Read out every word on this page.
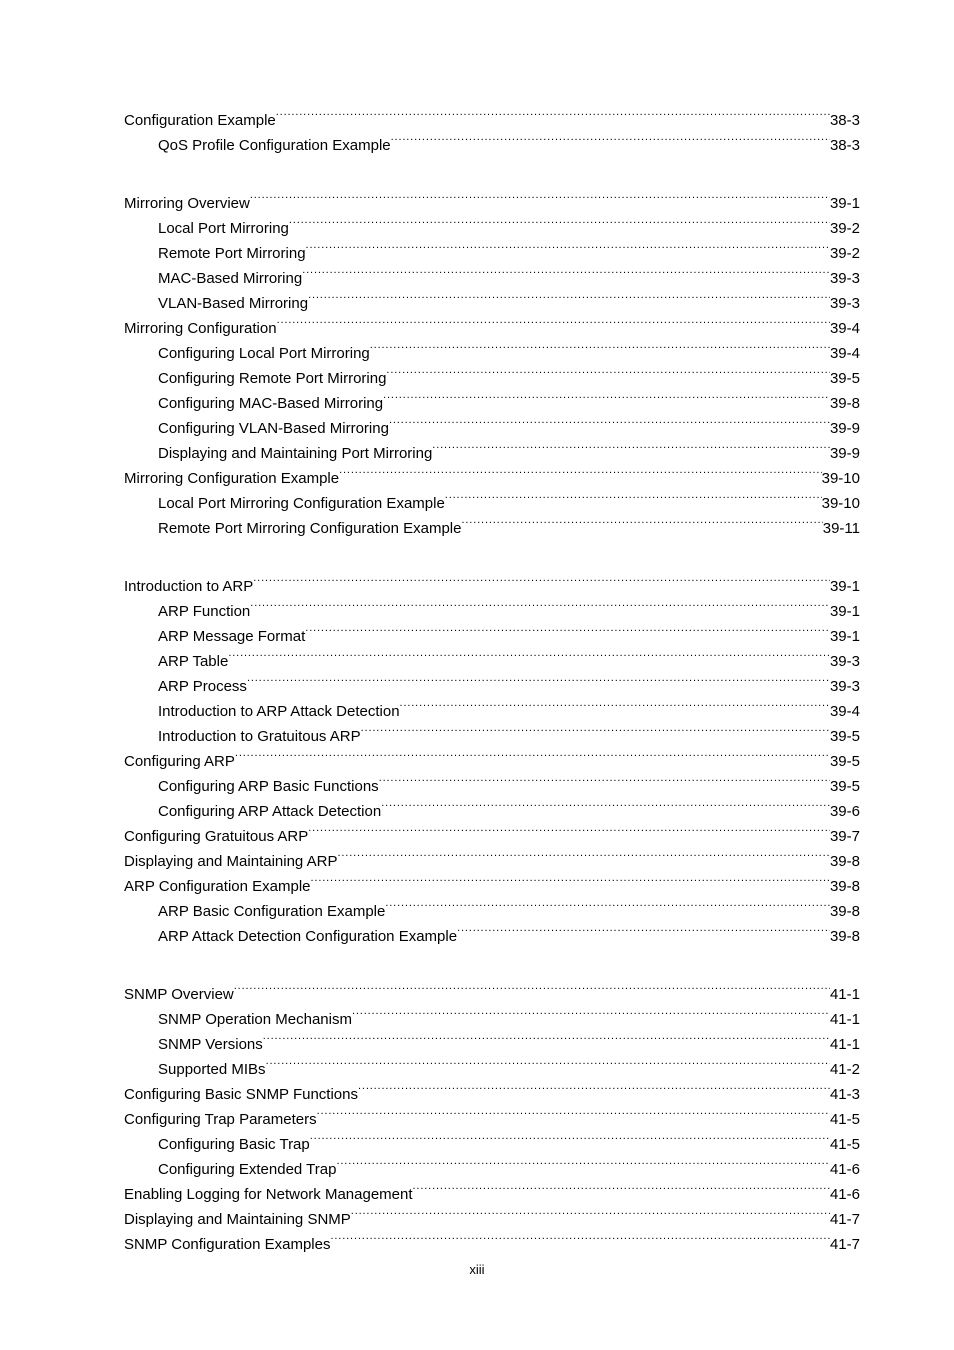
Configuration Example . . .	38-3
QoS Profile Configuration Example . . .	38-3
Mirroring Overview . . .	39-1
Local Port Mirroring . . .	39-2
Remote Port Mirroring . . .	39-2
MAC-Based Mirroring . . .	39-3
VLAN-Based Mirroring . . .	39-3
Mirroring Configuration . . .	39-4
Configuring Local Port Mirroring . . .	39-4
Configuring Remote Port Mirroring . . .	39-5
Configuring MAC-Based Mirroring . . .	39-8
Configuring VLAN-Based Mirroring . . .	39-9
Displaying and Maintaining Port Mirroring . . .	39-9
Mirroring Configuration Example . . .	39-10
Local Port Mirroring Configuration Example . . .	39-10
Remote Port Mirroring Configuration Example . . .	39-11
Introduction to ARP . . .	39-1
ARP Function . . .	39-1
ARP Message Format . . .	39-1
ARP Table . . .	39-3
ARP Process . . .	39-3
Introduction to ARP Attack Detection . . .	39-4
Introduction to Gratuitous ARP . . .	39-5
Configuring ARP . . .	39-5
Configuring ARP Basic Functions . . .	39-5
Configuring ARP Attack Detection . . .	39-6
Configuring Gratuitous ARP . . .	39-7
Displaying and Maintaining ARP . . .	39-8
ARP Configuration Example . . .	39-8
ARP Basic Configuration Example . . .	39-8
ARP Attack Detection Configuration Example . . .	39-8
SNMP Overview . . .	41-1
SNMP Operation Mechanism . . .	41-1
SNMP Versions . . .	41-1
Supported MIBs . . .	41-2
Configuring Basic SNMP Functions . . .	41-3
Configuring Trap Parameters . . .	41-5
Configuring Basic Trap . . .	41-5
Configuring Extended Trap . . .	41-6
Enabling Logging for Network Management . . .	41-6
Displaying and Maintaining SNMP . . .	41-7
SNMP Configuration Examples . . .	41-7
xiii
